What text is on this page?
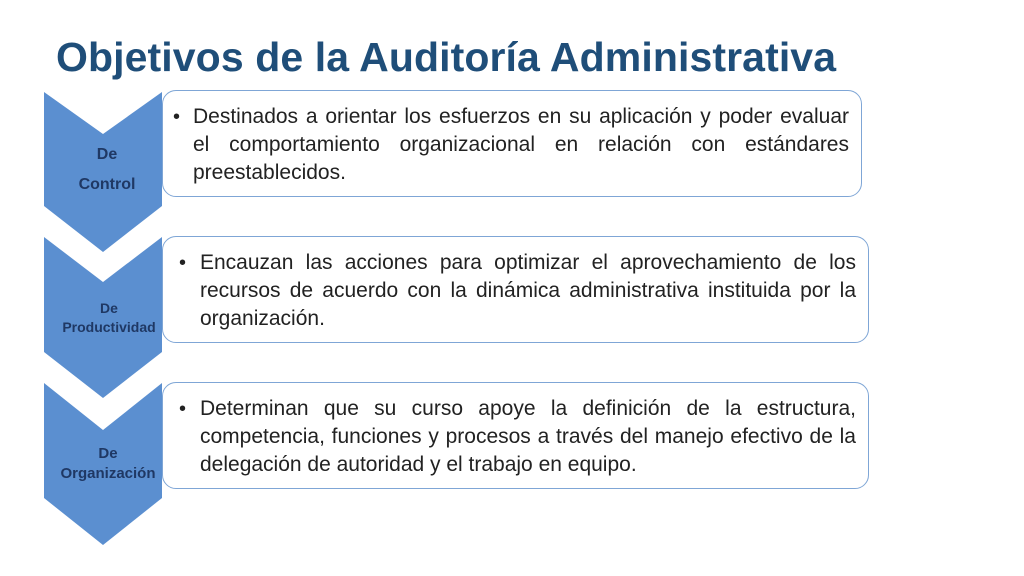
Objetivos de la Auditoría Administrativa
De
Control
• Destinados a orientar los esfuerzos en su aplicación y poder evaluar el comportamiento organizacional en relación con estándares preestablecidos.
De
Productividad
• Encauzan las acciones para optimizar el aprovechamiento de los recursos de acuerdo con la dinámica administrativa instituida por la organización.
De
Organización
• Determinan que su curso apoye la definición de la estructura, competencia, funciones y procesos a través del manejo efectivo de la delegación de autoridad y el trabajo en equipo.
